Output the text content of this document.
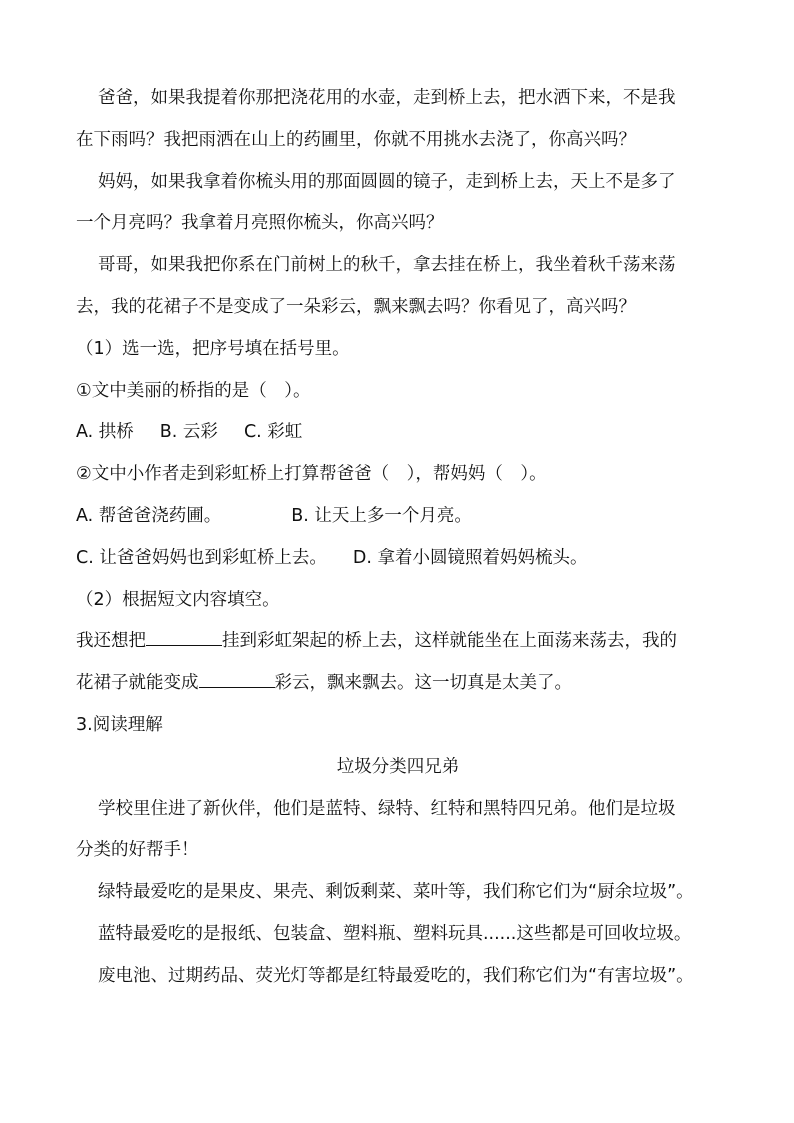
爸爸，如果我提着你那把浇花用的水壶，走到桥上去，把水洒下来，不是我
在下雨吗？我把雨洒在山上的药圃里，你就不用挑水去浇了，你高兴吗？
妈妈，如果我拿着你梳头用的那面圆圆的镜子，走到桥上去，天上不是多了
一个月亮吗？我拿着月亮照你梳头，你高兴吗？
哥哥，如果我把你系在门前树上的秋千，拿去挂在桥上，我坐着秋千荡来荡
去，我的花裙子不是变成了一朵彩云，飘来飘去吗？你看见了，高兴吗？
（1）选一选，把序号填在括号里。
①文中美丽的桥指的是（　）。
A. 拱桥 B. 云彩 C. 彩虹
②文中小作者走到彩虹桥上打算帮爸爸（　），帮妈妈（　）。
A. 帮爸爸浇药圃。	B. 让天上多一个月亮。
C. 让爸爸妈妈也到彩虹桥上去。 D. 拿着小圆镜照着妈妈梳头。
（2）根据短文内容填空。
我还想把	挂到彩虹架起的桥上去，这样就能坐在上面荡来荡去，我的
花裙子就能变成	彩云，飘来飘去。这一切真是太美了。
3.阅读理解
垃圾分类四兄弟
学校里住进了新伙伴，他们是蓝特、绿特、红特和黑特四兄弟。他们是垃圾
分类的好帮手！
绿特最爱吃的是果皮、果壳、剩饭剩菜、菜叶等，我们称它们为“厨余垃圾”。
蓝特最爱吃的是报纸、包装盒、塑料瓶、塑料玩具......这些都是可回收垃圾。
废电池、过期药品、荧光灯等都是红特最爱吃的，我们称它们为“有害垃圾”。
